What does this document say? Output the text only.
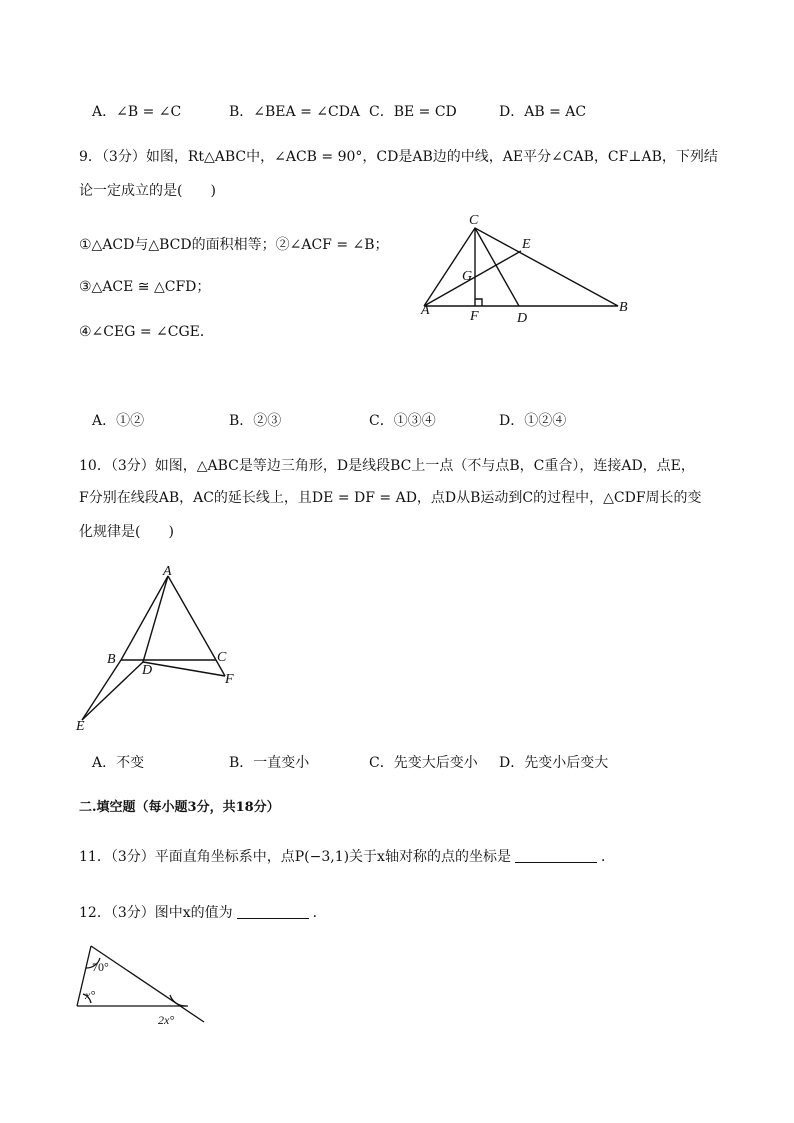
A．∠B = ∠C	B．∠BEA = ∠CDA C．BE = CD	D．AB = AC
9．（3分）如图，Rt△ABC中，∠ACB = 90°，CD是AB边的中线，AE平分∠CAB，CF⊥AB，下列结
论一定成立的是(　　)
①△ACD与△BCD的面积相等；②∠ACF = ∠B；
③△ACE ≅ △CFD；
④∠CEG = ∠CGE．
C
E
G
A	F	D
B
A．①②	B．②③	C．①③④	D．①②④
10．（3分）如图，△ABC是等边三角形，D是线段BC上一点（不与点B，C重合），连接AD，点E，
F分别在线段AB，AC的延长线上，且DE = DF = AD，点D从B运动到C的过程中，△CDF周长的变
化规律是(　　)
A
B
D
C
F
E
A．不变	B．一直变小	C．先变大后变小 D．先变小后变大
二.填空题（每小题3分，共18分）
11．（3分）平面直角坐标系中，点P(−3,1)关于x轴对称的点的坐标是	．
12．（3分）图中x的值为	．
70°
x°
2x°
